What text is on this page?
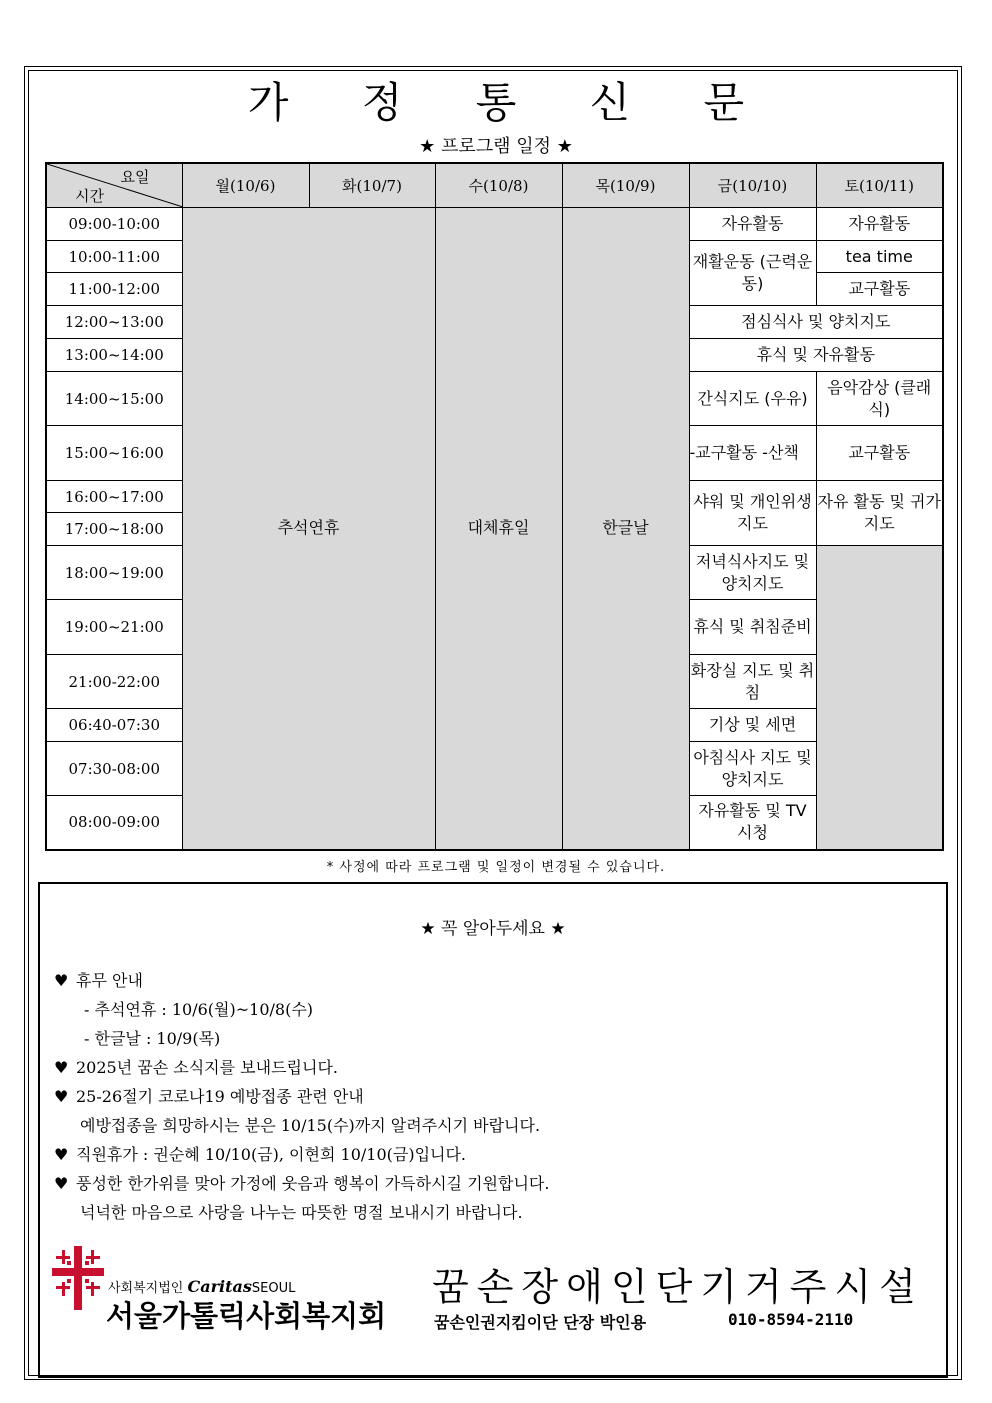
가 정 통 신 문
★ 프로그램 일정 ★
요일
시간	월(10/6)	화(10/7)	수(10/8)	목(10/9)	금(10/10)	토(10/11)
09:00-10:00	추석연휴		대체휴일	한글날	자유활동	자유활동
10:00-11:00					재활운동 (근력운동)	tea time
11:00-12:00						교구활동
12:00~13:00					점심식사 및 양치지도	
13:00~14:00					휴식 및 자유활동	
14:00~15:00					간식지도 (우유)	음악감상 (클래식)
15:00~16:00					-교구활동 -산책	교구활동
16:00~17:00					샤워 및 개인위생지도	자유 활동 및 귀가지도
17:00~18:00						
18:00~19:00					저녁식사지도 및 양치지도	
19:00~21:00					휴식 및 취침준비	
21:00-22:00					화장실 지도 및 취침	
06:40-07:30					기상 및 세면	
07:30-08:00					아침식사 지도 및 양치지도	
08:00-09:00					자유활동 및 TV 시청	
* 사정에 따라 프로그램 및 일정이 변경될 수 있습니다.
★ 꼭 알아두세요 ★
♥ 휴무 안내
- 추석연휴 : 10/6(월)~10/8(수)
- 한글날 : 10/9(목)
♥ 2025년 꿈손 소식지를 보내드립니다.
♥ 25-26절기 코로나19 예방접종 관련 안내
예방접종을 희망하시는 분은 10/15(수)까지 알려주시기 바랍니다.
♥ 직원휴가 : 권순혜 10/10(금), 이현희 10/10(금)입니다.
♥ 풍성한 한가위를 맞아 가정에 웃음과 행복이 가득하시길 기원합니다.
넉넉한 마음으로 사랑을 나누는 따뜻한 명절 보내시기 바랍니다.
사회복지법인 CaritasSEOUL
서울가톨릭사회복지회
꿈손장애인단기거주시설
꿈손인권지킴이단 단장 박인용	010-8594-2110
